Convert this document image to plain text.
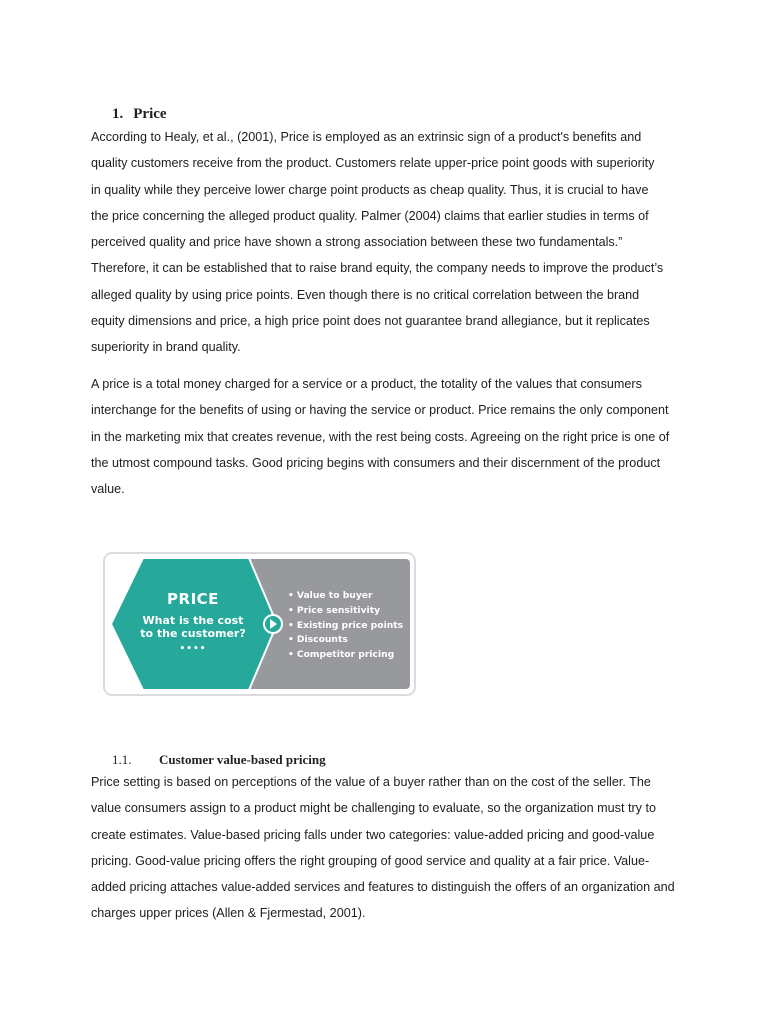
1. Price

According to Healy, et al., (2001), Price is employed as an extrinsic sign of a product's benefits and
quality customers receive from the product. Customers relate upper-price point goods with superiority
in quality while they perceive lower charge point products as cheap quality. Thus, it is crucial to have
the price concerning the alleged product quality. Palmer (2004) claims that earlier studies in terms of
perceived quality and price have shown a strong association between these two fundamentals.”
Therefore, it can be established that to raise brand equity, the company needs to improve the product’s
alleged quality by using price points. Even though there is no critical correlation between the brand
equity dimensions and price, a high price point does not guarantee brand allegiance, but it replicates
superiority in brand quality.

A price is a total money charged for a service or a product, the totality of the values that consumers
interchange for the benefits of using or having the service or product. Price remains the only component
in the marketing mix that creates revenue, with the rest being costs. Agreeing on the right price is one of
the utmost compound tasks. Good pricing begins with consumers and their discernment of the product
value.

PRICE
What is the cost
to the customer?
••••
• Value to buyer
• Price sensitivity
• Existing price points
• Discounts
• Competitor pricing
1.1.	Customer value-based pricing

Price setting is based on perceptions of the value of a buyer rather than on the cost of the seller. The
value consumers assign to a product might be challenging to evaluate, so the organization must try to
create estimates. Value-based pricing falls under two categories: value-added pricing and good-value
pricing. Good-value pricing offers the right grouping of good service and quality at a fair price. Value-
added pricing attaches value-added services and features to distinguish the offers of an organization and
charges upper prices (Allen & Fjermestad, 2001).
